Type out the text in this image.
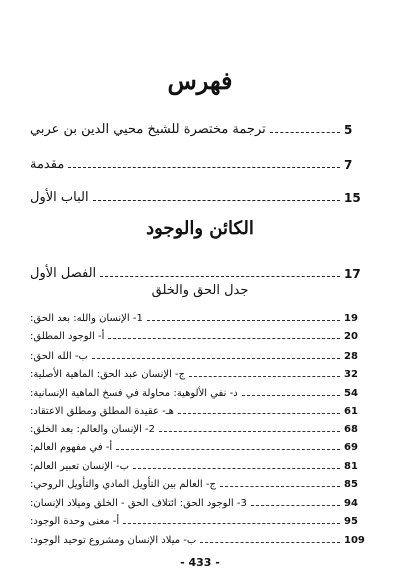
فهرس
ترجمة مختصرة للشيخ محيي الدين بن عربي	5
مقدمة	7
الباب الأول	15
الكائن والوجود
الفصل الأول	17
جدل الحق والخلق
1- الإنسان والله: بعد الحق:	19
أ- الوجود المطلق:	20
ب- الله الحق:	28
ج- الإنسان عبد الحق: الماهية الأصلية:	32
د- نفي الألوهية: محاولة في فسخ الماهية الإنسانية:	54
هـ- عقيدة المطلق ومطلق الاعتقاد:	61
2- الإنسان والعالم: بعد الخلق:	68
أ- في مفهوم العالم:	69
ب- الإنسان تعبير العالم:	81
ج- العالم بين التأويل المادي والتأويل الروحي:	85
3- الوجود الحق: ائتلاف الحق - الخلق وميلاد الإنسان:	94
أ- معنى وحدة الوجود:	95
ب- ميلاد الإنسان ومشروع توحيد الوجود:	109
- 433 -
